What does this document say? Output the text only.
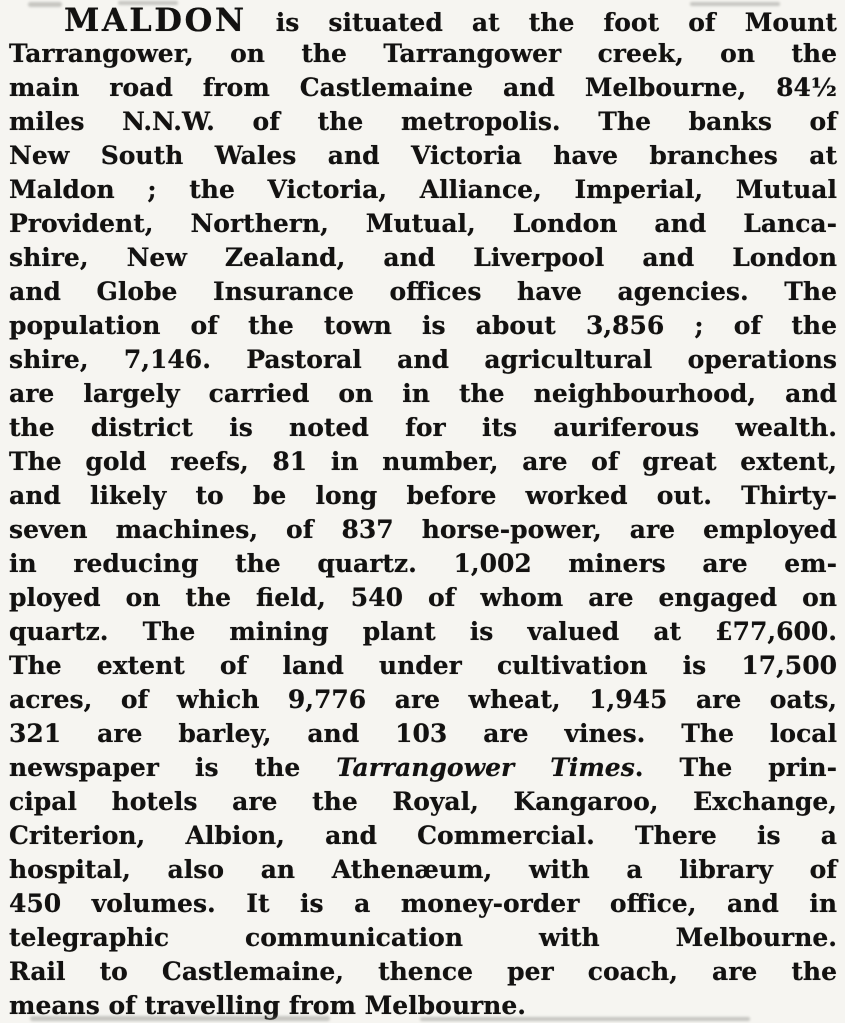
MALDON is situated at the foot of Mount
Tarrangower, on the Tarrangower creek, on the
main road from Castlemaine and Melbourne, 84½
miles N.N.W. of the metropolis. The banks of
New South Wales and Victoria have branches at
Maldon ; the Victoria, Alliance, Imperial, Mutual
Provident, Northern, Mutual, London and Lanca-
shire, New Zealand, and Liverpool and London
and Globe Insurance offices have agencies. The
population of the town is about 3,856 ; of the
shire, 7,146. Pastoral and agricultural operations
are largely carried on in the neighbourhood, and
the district is noted for its auriferous wealth.
The gold reefs, 81 in number, are of great extent,
and likely to be long before worked out. Thirty-
seven machines, of 837 horse-power, are employed
in reducing the quartz. 1,002 miners are em-
ployed on the field, 540 of whom are engaged on
quartz. The mining plant is valued at £77,600.
The extent of land under cultivation is 17,500
acres, of which 9,776 are wheat, 1,945 are oats,
321 are barley, and 103 are vines. The local
newspaper is the Tarrangower Times. The prin-
cipal hotels are the Royal, Kangaroo, Exchange,
Criterion, Albion, and Commercial. There is a
hospital, also an Athenæum, with a library of
450 volumes. It is a money-order office, and in
telegraphic communication with Melbourne.
Rail to Castlemaine, thence per coach, are the
means of travelling from Melbourne.
